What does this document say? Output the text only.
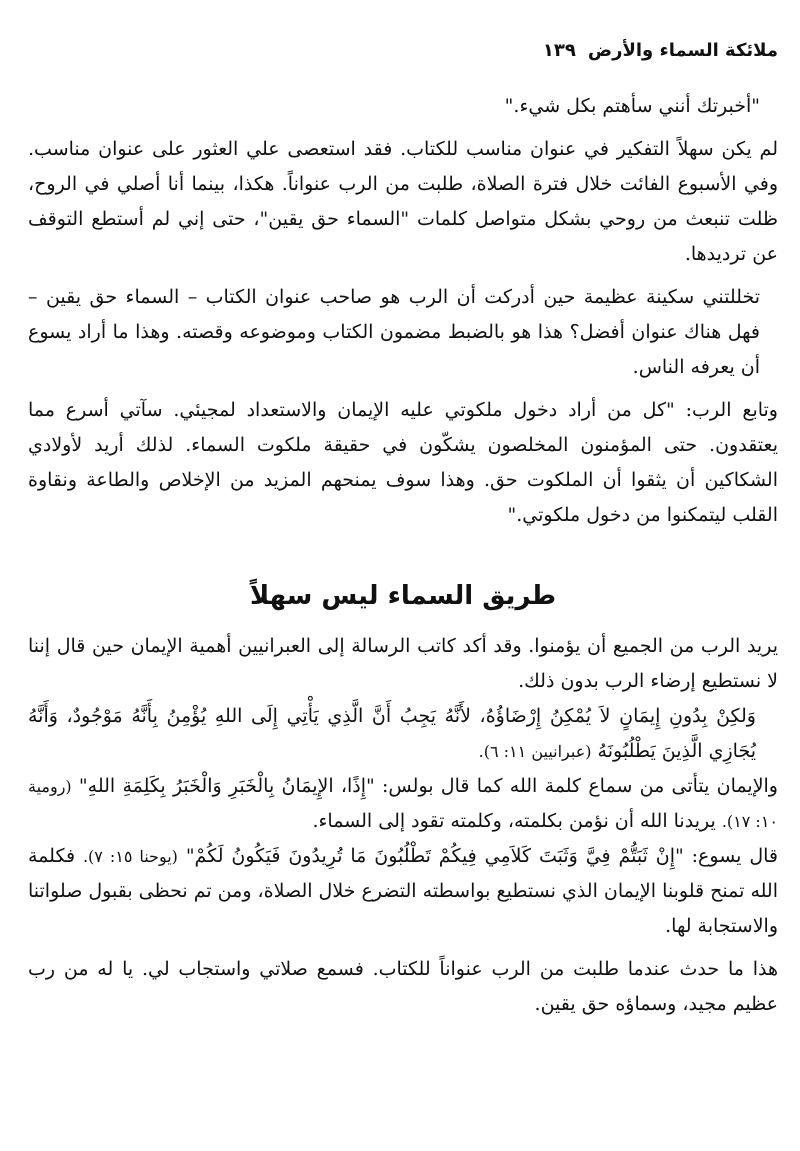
ملائكة السماء والأرض
١٣٩

"أخبرتك أنني سأهتم بكل شيء."

لم يكن سهلاً التفكير في عنوان مناسب للكتاب. فقد استعصى علي العثور على عنوان مناسب. وفي الأسبوع الفائت خلال فترة الصلاة، طلبت من الرب عنواناً. هكذا، بينما أنا أصلي في الروح، ظلت تنبعث من روحي بشكل متواصل كلمات "السماء حق يقين"، حتى إني لم أستطع التوقف عن ترديدها.

تخللتني سكينة عظيمة حين أدركت أن الرب هو صاحب عنوان الكتاب – السماء حق يقين – فهل هناك عنوان أفضل؟ هذا هو بالضبط مضمون الكتاب وموضوعه وقصته. وهذا ما أراد يسوع أن يعرفه الناس.

وتابع الرب: "كل من أراد دخول ملكوتي عليه الإيمان والاستعداد لمجيئي. سآتي أسرع مما يعتقدون. حتى المؤمنون المخلصون يشكّون في حقيقة ملكوت السماء. لذلك أريد لأولادي الشكاكين أن يثقوا أن الملكوت حق. وهذا سوف يمنحهم المزيد من الإخلاص والطاعة ونقاوة القلب ليتمكنوا من دخول ملكوتي."

طريق السماء ليس سهلاً

يريد الرب من الجميع أن يؤمنوا. وقد أكد كاتب الرسالة إلى العبرانيين أهمية الإيمان حين قال إننا لا نستطيع إرضاء الرب بدون ذلك.

وَلكِنْ بِدُونِ إِيمَانٍ لاَ يُمْكِنُ إِرْضَاؤُهُ، لأَنَّهُ يَجِبُ أَنَّ الَّذِي يَأْتِي إِلَى اللهِ يُؤْمِنُ بِأَنَّهُ مَوْجُودٌ، وَأَنَّهُ يُجَازِي الَّذِينَ يَطْلُبُونَهُ (عبرانيين ١١: ٦).

والإيمان يتأتى من سماع كلمة الله كما قال بولس: "إِذًا، الإِيمَانُ بِالْخَبَرِ وَالْخَبَرُ بِكَلِمَةِ اللهِ" (رومية ١٠: ١٧). يريدنا الله أن نؤمن بكلمته، وكلمته تقود إلى السماء.

قال يسوع: "إِنْ ثَبَتُّمْ فِيَّ وَثَبَتَ كَلاَمِي فِيكُمْ تَطْلُبُونَ مَا تُرِيدُونَ فَيَكُونُ لَكُمْ" (يوحنا ١٥: ٧). فكلمة الله تمنح قلوبنا الإيمان الذي نستطيع بواسطته التضرع خلال الصلاة، ومن تم نحظى بقبول صلواتنا والاستجابة لها.

هذا ما حدث عندما طلبت من الرب عنواناً للكتاب. فسمع صلاتي واستجاب لي. يا له من رب عظيم مجيد، وسماؤه حق يقين.
